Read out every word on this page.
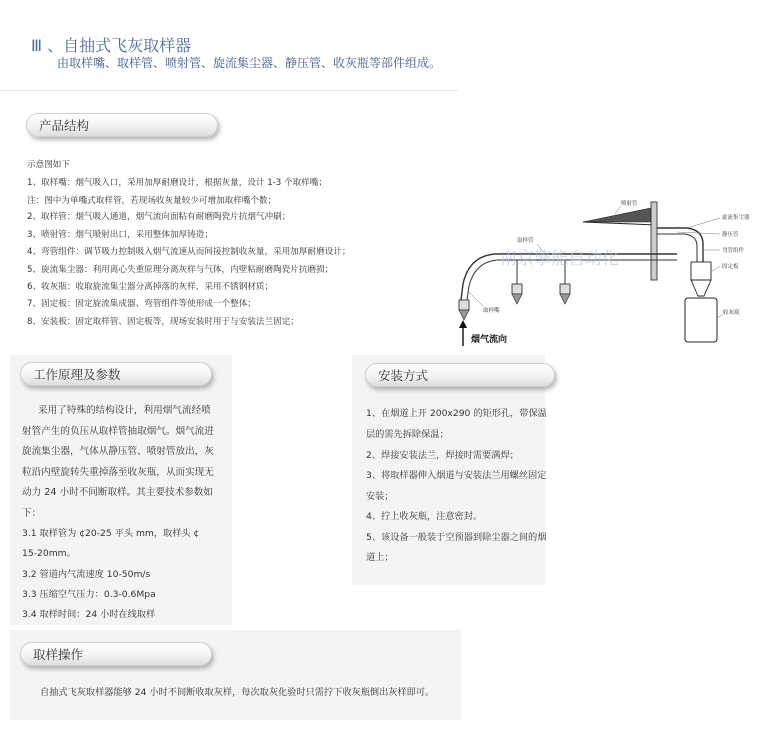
Ⅲ 、自抽式飞灰取样器
由取样嘴、取样管、喷射管、旋流集尘器、静压管、收灰瓶等部件组成。
产品结构
示意图如下
1、取样嘴：烟气吸入口，采用加厚耐磨设计，根据灰量，设计 1-3 个取样嘴；
注：图中为单嘴式取样管，若现场收灰量较少可增加取样嘴个数；
2、取样管：烟气吸入通道，烟气流向面粘有耐磨陶瓷片抗烟气冲刷；
3、喷射管：烟气喷射出口，采用整体加厚铸造；
4、弯管组件：调节吸力控制吸入烟气流速从而间接控制收灰量，采用加厚耐磨设计；
5、旋流集尘器：利用离心失重原理分离灰样与气体，内壁粘耐磨陶瓷片抗磨损；
6、收灰瓶：收取旋流集尘器分离掉落的灰样，采用不锈钢材质；
7、固定板：固定旋流集成器、弯管组件等使形成一个整体；
8、安装板：固定取样管、固定板等，现场安装时用于与安装法兰固定；
喷射管
旋流集尘器
静压管
弯管组件
固定板
收灰瓶
取样管
取样嘴
南京擎能自动化
烟气流向
工作原理及参数
采用了特殊的结构设计，利用烟气流经喷
射管产生的负压从取样管抽取烟气。烟气流进
旋流集尘器，气体从静压管、喷射管放出，灰
粒沿内壁旋转失重掉落至收灰瓶，从而实现无
动力 24 小时不间断取样。其主要技术参数如
下：
3.1 取样管为 ¢20-25 平头 mm，取样头 ¢
15-20mm。
3.2 管道内气流速度 10-50m/s
3.3 压缩空气压力：0.3-0.6Mpa
3.4 取样时间：24 小时在线取样
安装方式
1、在烟道上开 200x290 的矩形孔，带保温
层的需先拆除保温；
2、焊接安装法兰，焊接时需要满焊；
3、将取样器伸入烟道与安装法兰用螺丝固定
安装；
4、拧上收灰瓶，注意密封。
5、该设备一般装于空预器到除尘器之间的烟
道上；
取样操作
自抽式飞灰取样器能够 24 小时不间断收取灰样，每次取灰化验时只需拧下收灰瓶倒出灰样即可。
